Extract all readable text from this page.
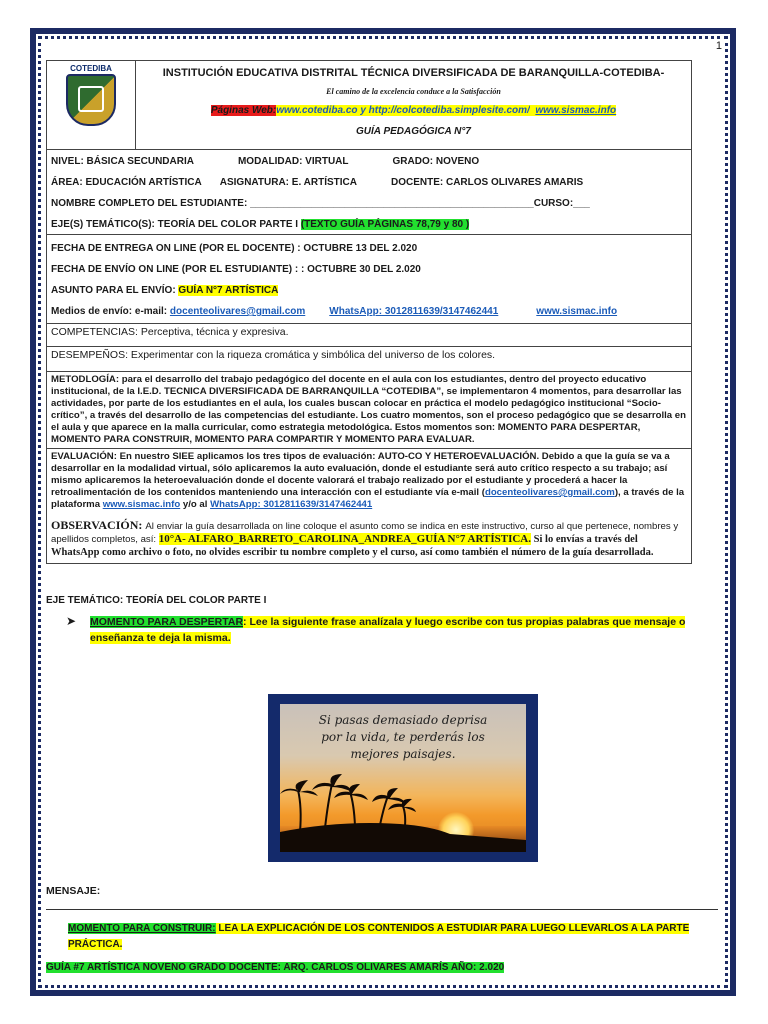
1
COTEDIBA	INSTITUCIÓN EDUCATIVA DISTRITAL TÉCNICA DIVERSIFICADA DE BARANQUILLA-COTEDIBA-
El camino de la excelencia conduce a la Satisfacción
Páginas Web:www.cotediba.co y http://colcotediba.simplesite.com/ www.sismac.info
GUÍA PEDAGÓGICA N°7

NIVEL: BÁSICA SECUNDARIA	MODALIDAD: VIRTUAL	GRADO: NOVENO
ÁREA: EDUCACIÓN ARTÍSTICA ASIGNATURA: E. ARTÍSTICA	DOCENTE: CARLOS OLIVARES AMARIS
NOMBRE COMPLETO DEL ESTUDIANTE: ___________________________________________________CURSO:___
EJE(S) TEMÁTICO(S): TEORÍA DEL COLOR PARTE I (TEXTO GUÍA PÁGINAS 78,79 y 80 )

FECHA DE ENTREGA ON LINE (POR EL DOCENTE) : OCTUBRE 13 DEL 2.020
FECHA DE ENVÍO ON LINE (POR EL ESTUDIANTE) : : OCTUBRE 30 DEL 2.020
ASUNTO PARA EL ENVÍO: GUÍA N°7 ARTÍSTICA
Medios de envío: e-mail: docenteolivares@gmail.com WhatsApp: 3012811639/3147462441	www.sismac.info

COMPETENCIAS: Perceptiva, técnica y expresiva.
DESEMPEÑOS: Experimentar con la riqueza cromática y simbólica del universo de los colores.
METODLOGÍA: para el desarrollo del trabajo pedagógico del docente en el aula con los estudiantes, dentro del proyecto educativo institucional, de la I.E.D. TECNICA DIVERSIFICADA DE BARRANQUILLA “COTEDIBA”, se implementaron 4 momentos, para desarrollar las actividades, por parte de los estudiantes en el aula, los cuales buscan colocar en práctica el modelo pedagógico institucional “Socio-crítico”, a través del desarrollo de las competencias del estudiante. Los cuatro momentos, son el proceso pedagógico que se desarrolla en el aula y que aparece en la malla curricular, como estrategia metodológica. Estos momentos son: MOMENTO PARA DESPERTAR, MOMENTO PARA CONSTRUIR, MOMENTO PARA COMPARTIR Y MOMENTO PARA EVALUAR.
EVALUACIÓN: En nuestro SIEE aplicamos los tres tipos de evaluación: AUTO-CO Y HETEROEVALUACIÓN. Debido a que la guía se va a desarrollar en la modalidad virtual, sólo aplicaremos la auto evaluación, donde el estudiante será auto crítico respecto a su trabajo; así mismo aplicaremos la heteroevaluación donde el docente valorará el trabajo realizado por el estudiante y procederá a hacer la retroalimentación de los contenidos manteniendo una interacción con el estudiante vía e-mail (docenteolivares@gmail.com), a través de la plataforma www.sismac.info y/o al WhatsApp: 3012811639/3147462441
OBSERVACIÓN: Al enviar la guía desarrollada on line coloque el asunto como se indica en este instructivo, curso al que pertenece, nombres y apellidos completos, así: 10°A- ALFARO_BARRETO_CAROLINA_ANDREA_GUÍA N°7 ARTÍSTICA. Si lo envías a través del WhatsApp como archivo o foto, no olvides escribir tu nombre completo y el curso, así como también el número de la guía desarrollada.
EJE TEMÁTICO: TEORÍA DEL COLOR PARTE I
➤ MOMENTO PARA DESPERTAR: Lee la siguiente frase analízala y luego escribe con tus propias palabras que mensaje o enseñanza te deja la misma.
Si pasas demasiado deprisa
por la vida, te perderás los
mejores paisajes.
MENSAJE:
MOMENTO PARA CONSTRUIR: LEA LA EXPLICACIÓN DE LOS CONTENIDOS A ESTUDIAR PARA LUEGO LLEVARLOS A LA PARTE PRÁCTICA.
GUÍA #7 ARTÍSTICA NOVENO GRADO DOCENTE: ARQ. CARLOS OLIVARES AMARÍS AÑO: 2.020
